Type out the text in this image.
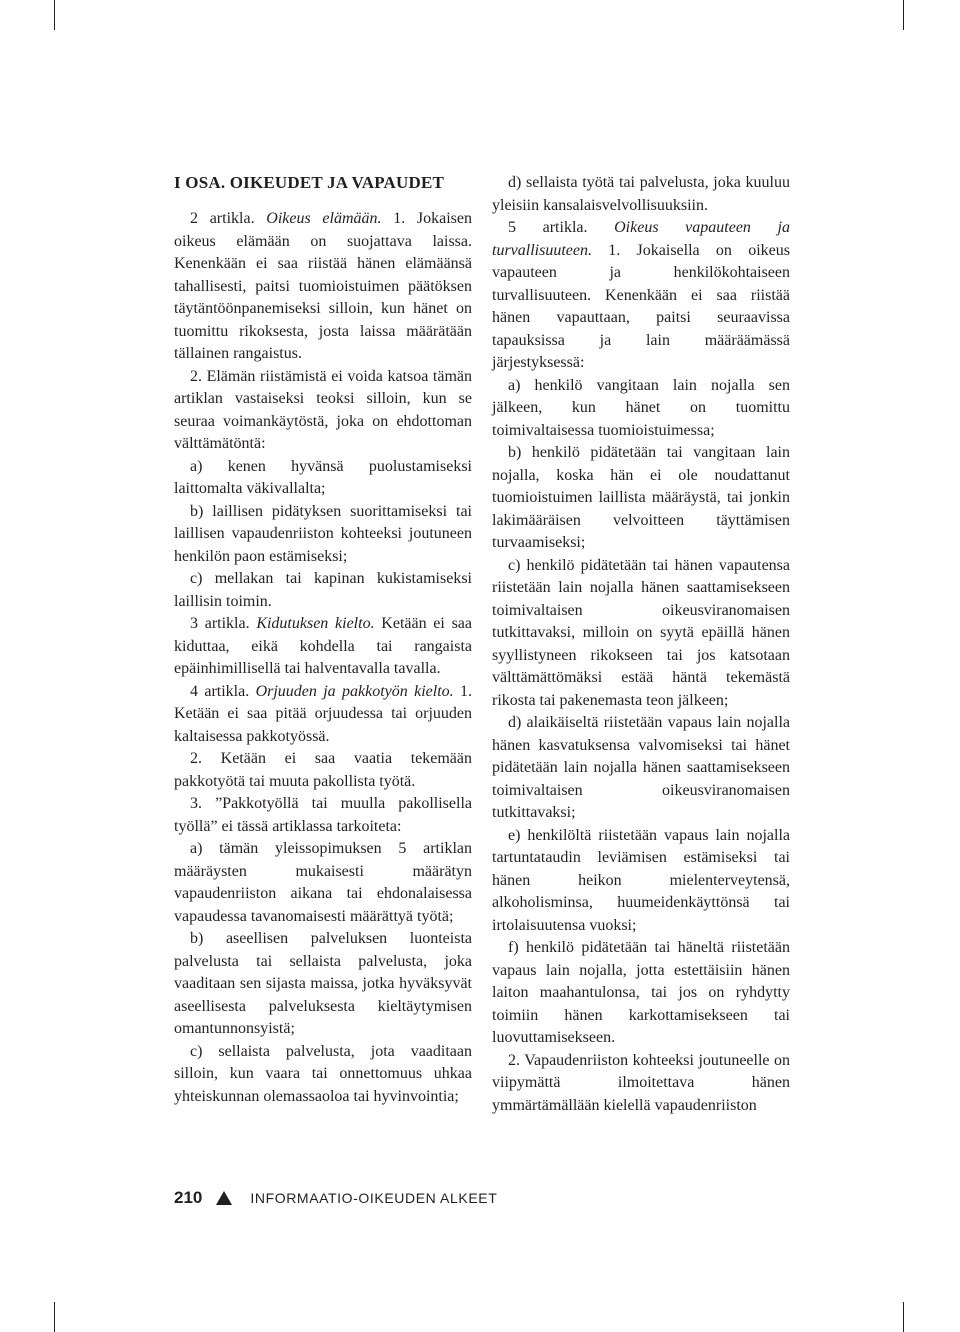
I OSA. OIKEUDET JA VAPAUDET

2 artikla. Oikeus elämään. 1. Jokaisen oikeus elämään on suojattava laissa. Kenenkään ei saa riistää hänen elämäänsä tahallisesti, paitsi tuomioistuimen päätöksen täytäntöönpanemiseksi silloin, kun hänet on tuomittu rikoksesta, josta laissa määrätään tällainen rangaistus.

2. Elämän riistämistä ei voida katsoa tämän artiklan vastaiseksi teoksi silloin, kun se seuraa voimankäytöstä, joka on ehdottoman välttämätöntä:

a) kenen hyvänsä puolustamiseksi laittomalta väkivallalta;

b) laillisen pidätyksen suorittamiseksi tai laillisen vapaudenriiston kohteeksi joutuneen henkilön paon estämiseksi;

c) mellakan tai kapinan kukistamiseksi laillisin toimin.

3 artikla. Kidutuksen kielto. Ketään ei saa kiduttaa, eikä kohdella tai rangaista epäinhimillisellä tai halventavalla tavalla.

4 artikla. Orjuuden ja pakkotyön kielto. 1. Ketään ei saa pitää orjuudessa tai orjuuden kaltaisessa pakkotyössä.

2. Ketään ei saa vaatia tekemään pakkotyötä tai muuta pakollista työtä.

3. ”Pakkotyöllä tai muulla pakollisella työllä” ei tässä artiklassa tarkoiteta:

a) tämän yleissopimuksen 5 artiklan määräysten mukaisesti määrätyn vapaudenriiston aikana tai ehdonalaisessa vapaudessa tavanomaisesti määrättyä työtä;

b) aseellisen palveluksen luonteista palvelusta tai sellaista palvelusta, joka vaaditaan sen sijasta maissa, jotka hyväksyvät aseellisesta palveluksesta kieltäytymisen omantunnonsyistä;

c) sellaista palvelusta, jota vaaditaan silloin, kun vaara tai onnettomuus uhkaa yhteiskunnan olemassaoloa tai hyvinvointia;

d) sellaista työtä tai palvelusta, joka kuuluu yleisiin kansalaisvelvollisuuksiin.

5 artikla. Oikeus vapauteen ja turvallisuuteen. 1. Jokaisella on oikeus vapauteen ja henkilökohtaiseen turvallisuuteen. Kenenkään ei saa riistää hänen vapauttaan, paitsi seuraavissa tapauksissa ja lain määräämässä järjestyksessä:

a) henkilö vangitaan lain nojalla sen jälkeen, kun hänet on tuomittu toimivaltaisessa tuomioistuimessa;

b) henkilö pidätetään tai vangitaan lain nojalla, koska hän ei ole noudattanut tuomioistuimen laillista määräystä, tai jonkin lakimääräisen velvoitteen täyttämisen turvaamiseksi;

c) henkilö pidätetään tai hänen vapautensa riistetään lain nojalla hänen saattamisekseen toimivaltaisen oikeusviranomaisen tutkittavaksi, milloin on syytä epäillä hänen syyllistyneen rikokseen tai jos katsotaan välttämättömäksi estää häntä tekemästä rikosta tai pakenemasta teon jälkeen;

d) alaikäiseltä riistetään vapaus lain nojalla hänen kasvatuksensa valvomiseksi tai hänet pidätetään lain nojalla hänen saattamisekseen toimivaltaisen oikeusviranomaisen tutkittavaksi;

e) henkilöltä riistetään vapaus lain nojalla tartuntataudin leviämisen estämiseksi tai hänen heikon mielenterveytensä, alkoholisminsa, huumeidenkäyttönsä tai irtolaisuutensa vuoksi;

f) henkilö pidätetään tai häneltä riistetään vapaus lain nojalla, jotta estettäisiin hänen laiton maahantulonsa, tai jos on ryhdytty toimiin hänen karkottamisekseen tai luovuttamisekseen.

2. Vapaudenriiston kohteeksi joutuneelle on viipymättä ilmoitettava hänen ymmärtämällään kielellä vapaudenriiston

210	INFORMAATIO-OIKEUDEN ALKEET
